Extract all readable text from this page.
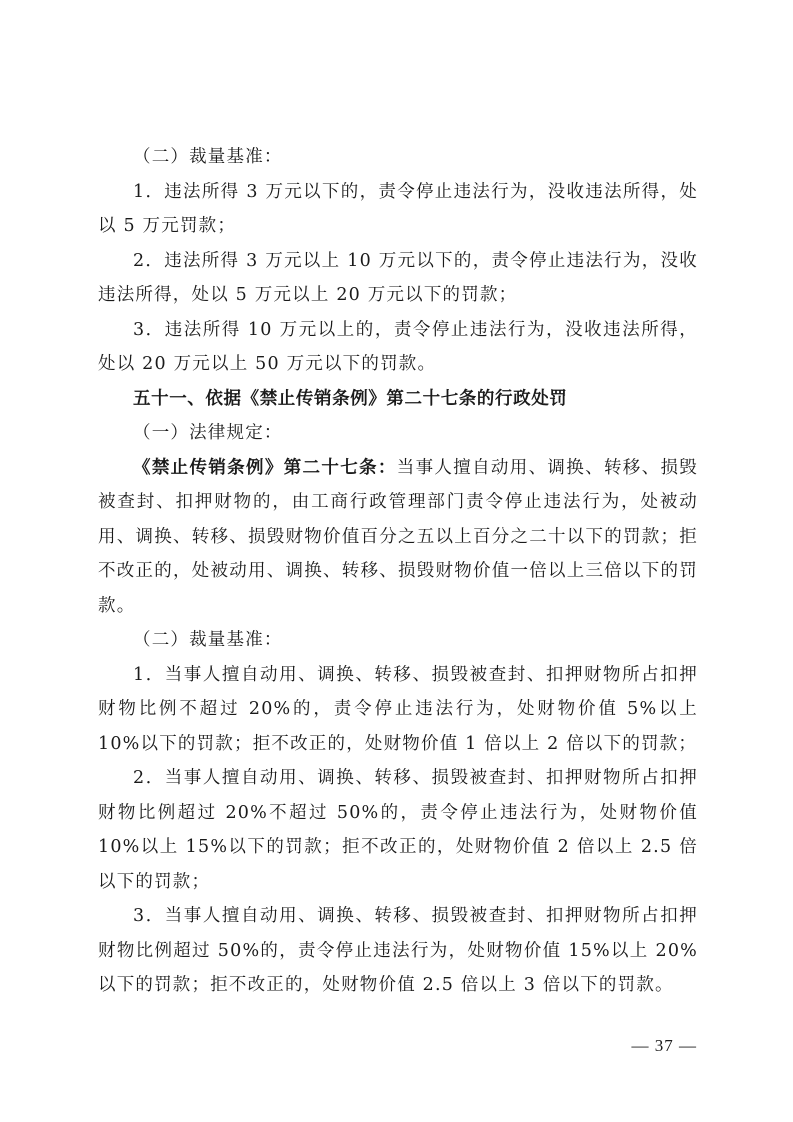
（二）裁量基准：

1．违法所得 3 万元以下的，责令停止违法行为，没收违法所得，处以 5 万元罚款；

2．违法所得 3 万元以上 10 万元以下的，责令停止违法行为，没收违法所得，处以 5 万元以上 20 万元以下的罚款；

3．违法所得 10 万元以上的，责令停止违法行为，没收违法所得，处以 20 万元以上 50 万元以下的罚款。

五十一、依据《禁止传销条例》第二十七条的行政处罚

（一）法律规定：

《禁止传销条例》第二十七条：当事人擅自动用、调换、转移、损毁被查封、扣押财物的，由工商行政管理部门责令停止违法行为，处被动用、调换、转移、损毁财物价值百分之五以上百分之二十以下的罚款；拒不改正的，处被动用、调换、转移、损毁财物价值一倍以上三倍以下的罚款。

（二）裁量基准：

1．当事人擅自动用、调换、转移、损毁被查封、扣押财物所占扣押财物比例不超过 20%的，责令停止违法行为，处财物价值 5%以上 10%以下的罚款；拒不改正的，处财物价值 1 倍以上 2 倍以下的罚款；

2．当事人擅自动用、调换、转移、损毁被查封、扣押财物所占扣押财物比例超过 20%不超过 50%的，责令停止违法行为，处财物价值 10%以上 15%以下的罚款；拒不改正的，处财物价值 2 倍以上 2.5 倍以下的罚款；

3．当事人擅自动用、调换、转移、损毁被查封、扣押财物所占扣押财物比例超过 50%的，责令停止违法行为，处财物价值 15%以上 20%以下的罚款；拒不改正的，处财物价值 2.5 倍以上 3 倍以下的罚款。

— 37 —
